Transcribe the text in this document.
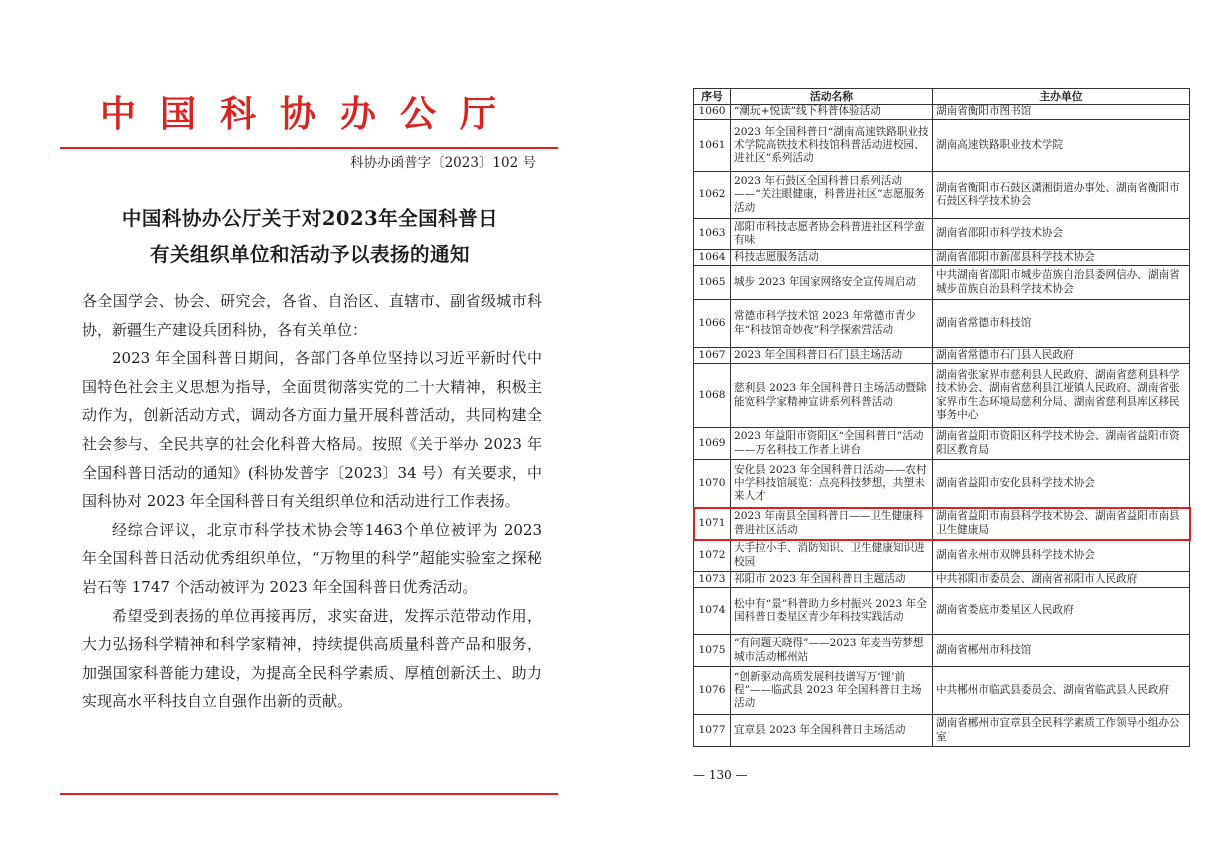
中国科协办公厅
科协办函普字〔2023〕102 号
中国科协办公厅关于对2023年全国科普日
有关组织单位和活动予以表扬的通知

各全国学会、协会、研究会，各省、自治区、直辖市、副省级城市科协，新疆生产建设兵团科协，各有关单位：

2023 年全国科普日期间，各部门各单位坚持以习近平新时代中国特色社会主义思想为指导，全面贯彻落实党的二十大精神，积极主动作为，创新活动方式，调动各方面力量开展科普活动，共同构建全社会参与、全民共享的社会化科普大格局。按照《关于举办 2023 年全国科普日活动的通知》(科协发普字〔2023〕34 号）有关要求，中国科协对 2023 年全国科普日有关组织单位和活动进行工作表扬。

经综合评议，北京市科学技术协会等1463个单位被评为 2023 年全国科普日活动优秀组织单位，“万物里的科学”超能实验室之探秘岩石等 1747 个活动被评为 2023 年全国科普日优秀活动。

希望受到表扬的单位再接再厉，求实奋进，发挥示范带动作用，大力弘扬科学精神和科学家精神，持续提供高质量科普产品和服务，加强国家科普能力建设，为提高全民科学素质、厚植创新沃土、助力实现高水平科技自立自强作出新的贡献。

序号	活动名称	主办单位
1060	“潮玩+悦读”线下科普体验活动	湖南省衡阳市图书馆
1061	2023 年全国科普日“湖南高速铁路职业技术学院高铁技术科技馆科普活动进校园、进社区”系列活动	湖南高速铁路职业技术学院
1062	2023 年石鼓区全国科普日系列活动——“关注眼健康，科普进社区”志愿服务活动	湖南省衡阳市石鼓区潇湘街道办事处、湖南省衡阳市石鼓区科学技术协会
1063	邵阳市科技志愿者协会科普进社区科学蛮有味	湖南省邵阳市科学技术协会
1064	科技志愿服务活动	湖南省邵阳市新邵县科学技术协会
1065	城步 2023 年国家网络安全宣传周启动	中共湖南省邵阳市城步苗族自治县委网信办、湖南省城步苗族自治县科学技术协会
1066	常德市科学技术馆 2023 年常德市青少年“科技馆奇妙夜”科学探索营活动	湖南省常德市科技馆
1067	2023 年全国科普日石门县主场活动	湖南省常德市石门县人民政府
1068	慈利县 2023 年全国科普日主场活动暨除能宽科学家精神宣讲系列科普活动	湖南省张家界市慈利县人民政府、湖南省慈利县科学技术协会、湖南省慈利县江垭镇人民政府、湖南省张家界市生态环境局慈利分局、湖南省慈利县库区移民事务中心
1069	2023 年益阳市资阳区“全国科普日”活动——万名科技工作者上讲台	湖南省益阳市资阳区科学技术协会、湖南省益阳市资阳区教育局
1070	安化县 2023 年全国科普日活动——农村中学科技馆展览：点亮科技梦想，共塑未来人才	湖南省益阳市安化县科学技术协会
1071	2023 年南县全国科普日——卫生健康科普进社区活动	湖南省益阳市南县科学技术协会、湖南省益阳市南县卫生健康局
1072	大手拉小手、消防知识、卫生健康知识进校园	湖南省永州市双牌县科学技术协会
1073	祁阳市 2023 年全国科普日主题活动	中共祁阳市委员会、湖南省祁阳市人民政府
1074	松中有“景”科普助力乡村振兴 2023 年全国科普日娄星区青少年科技实践活动	湖南省娄底市娄星区人民政府
1075	“有问题天晓得”——2023 年麦当劳梦想城市活动郴州站	湖南省郴州市科技馆
1076	“创新驱动高质发展科技谱写万‘锂’前程”——临武县 2023 年全国科普日主场活动	中共郴州市临武县委员会、湖南省临武县人民政府
1077	宜章县 2023 年全国科普日主场活动	湖南省郴州市宜章县全民科学素质工作领导小组办公室
— 130 —
